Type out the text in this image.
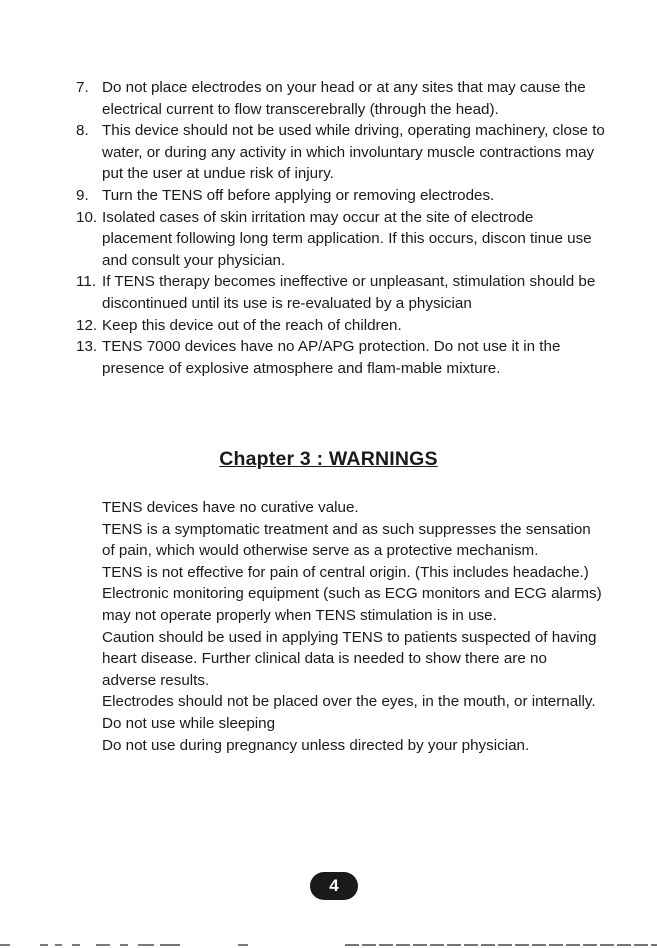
7. Do not place electrodes on your head or at any sites that may cause the electrical current to flow transcerebrally (through the head).
8. This device should not be used while driving, operating machinery, close to water, or during any activity in which involuntary muscle contractions may put the user at undue risk of injury.
9. Turn the TENS off before applying or removing electrodes.
10. Isolated cases of skin irritation may occur at the site of electrode placement following long term application. If this occurs, discon tinue use and consult your physician.
11. If TENS therapy becomes ineffective or unpleasant, stimulation should be discontinued until its use is re-evaluated by a physician
12. Keep this device out of the reach of children.
13. TENS 7000 devices have no AP/APG protection. Do not use it in the presence of explosive atmosphere and flam-mable mixture.
Chapter 3 : WARNINGS

TENS devices have no curative value.

TENS is a symptomatic treatment and as such suppresses the sensation of pain, which would otherwise serve as a protective mechanism.

TENS is not effective for pain of central origin. (This includes headache.)

Electronic monitoring equipment (such as ECG monitors and ECG alarms) may not operate properly when TENS stimulation is in use.

Caution should be used in applying TENS to patients suspected of having heart disease. Further clinical data is needed to show there are no adverse results.

Electrodes should not be placed over the eyes, in the mouth, or internally.

Do not use while sleeping

Do not use during pregnancy unless directed by your physician.

4
